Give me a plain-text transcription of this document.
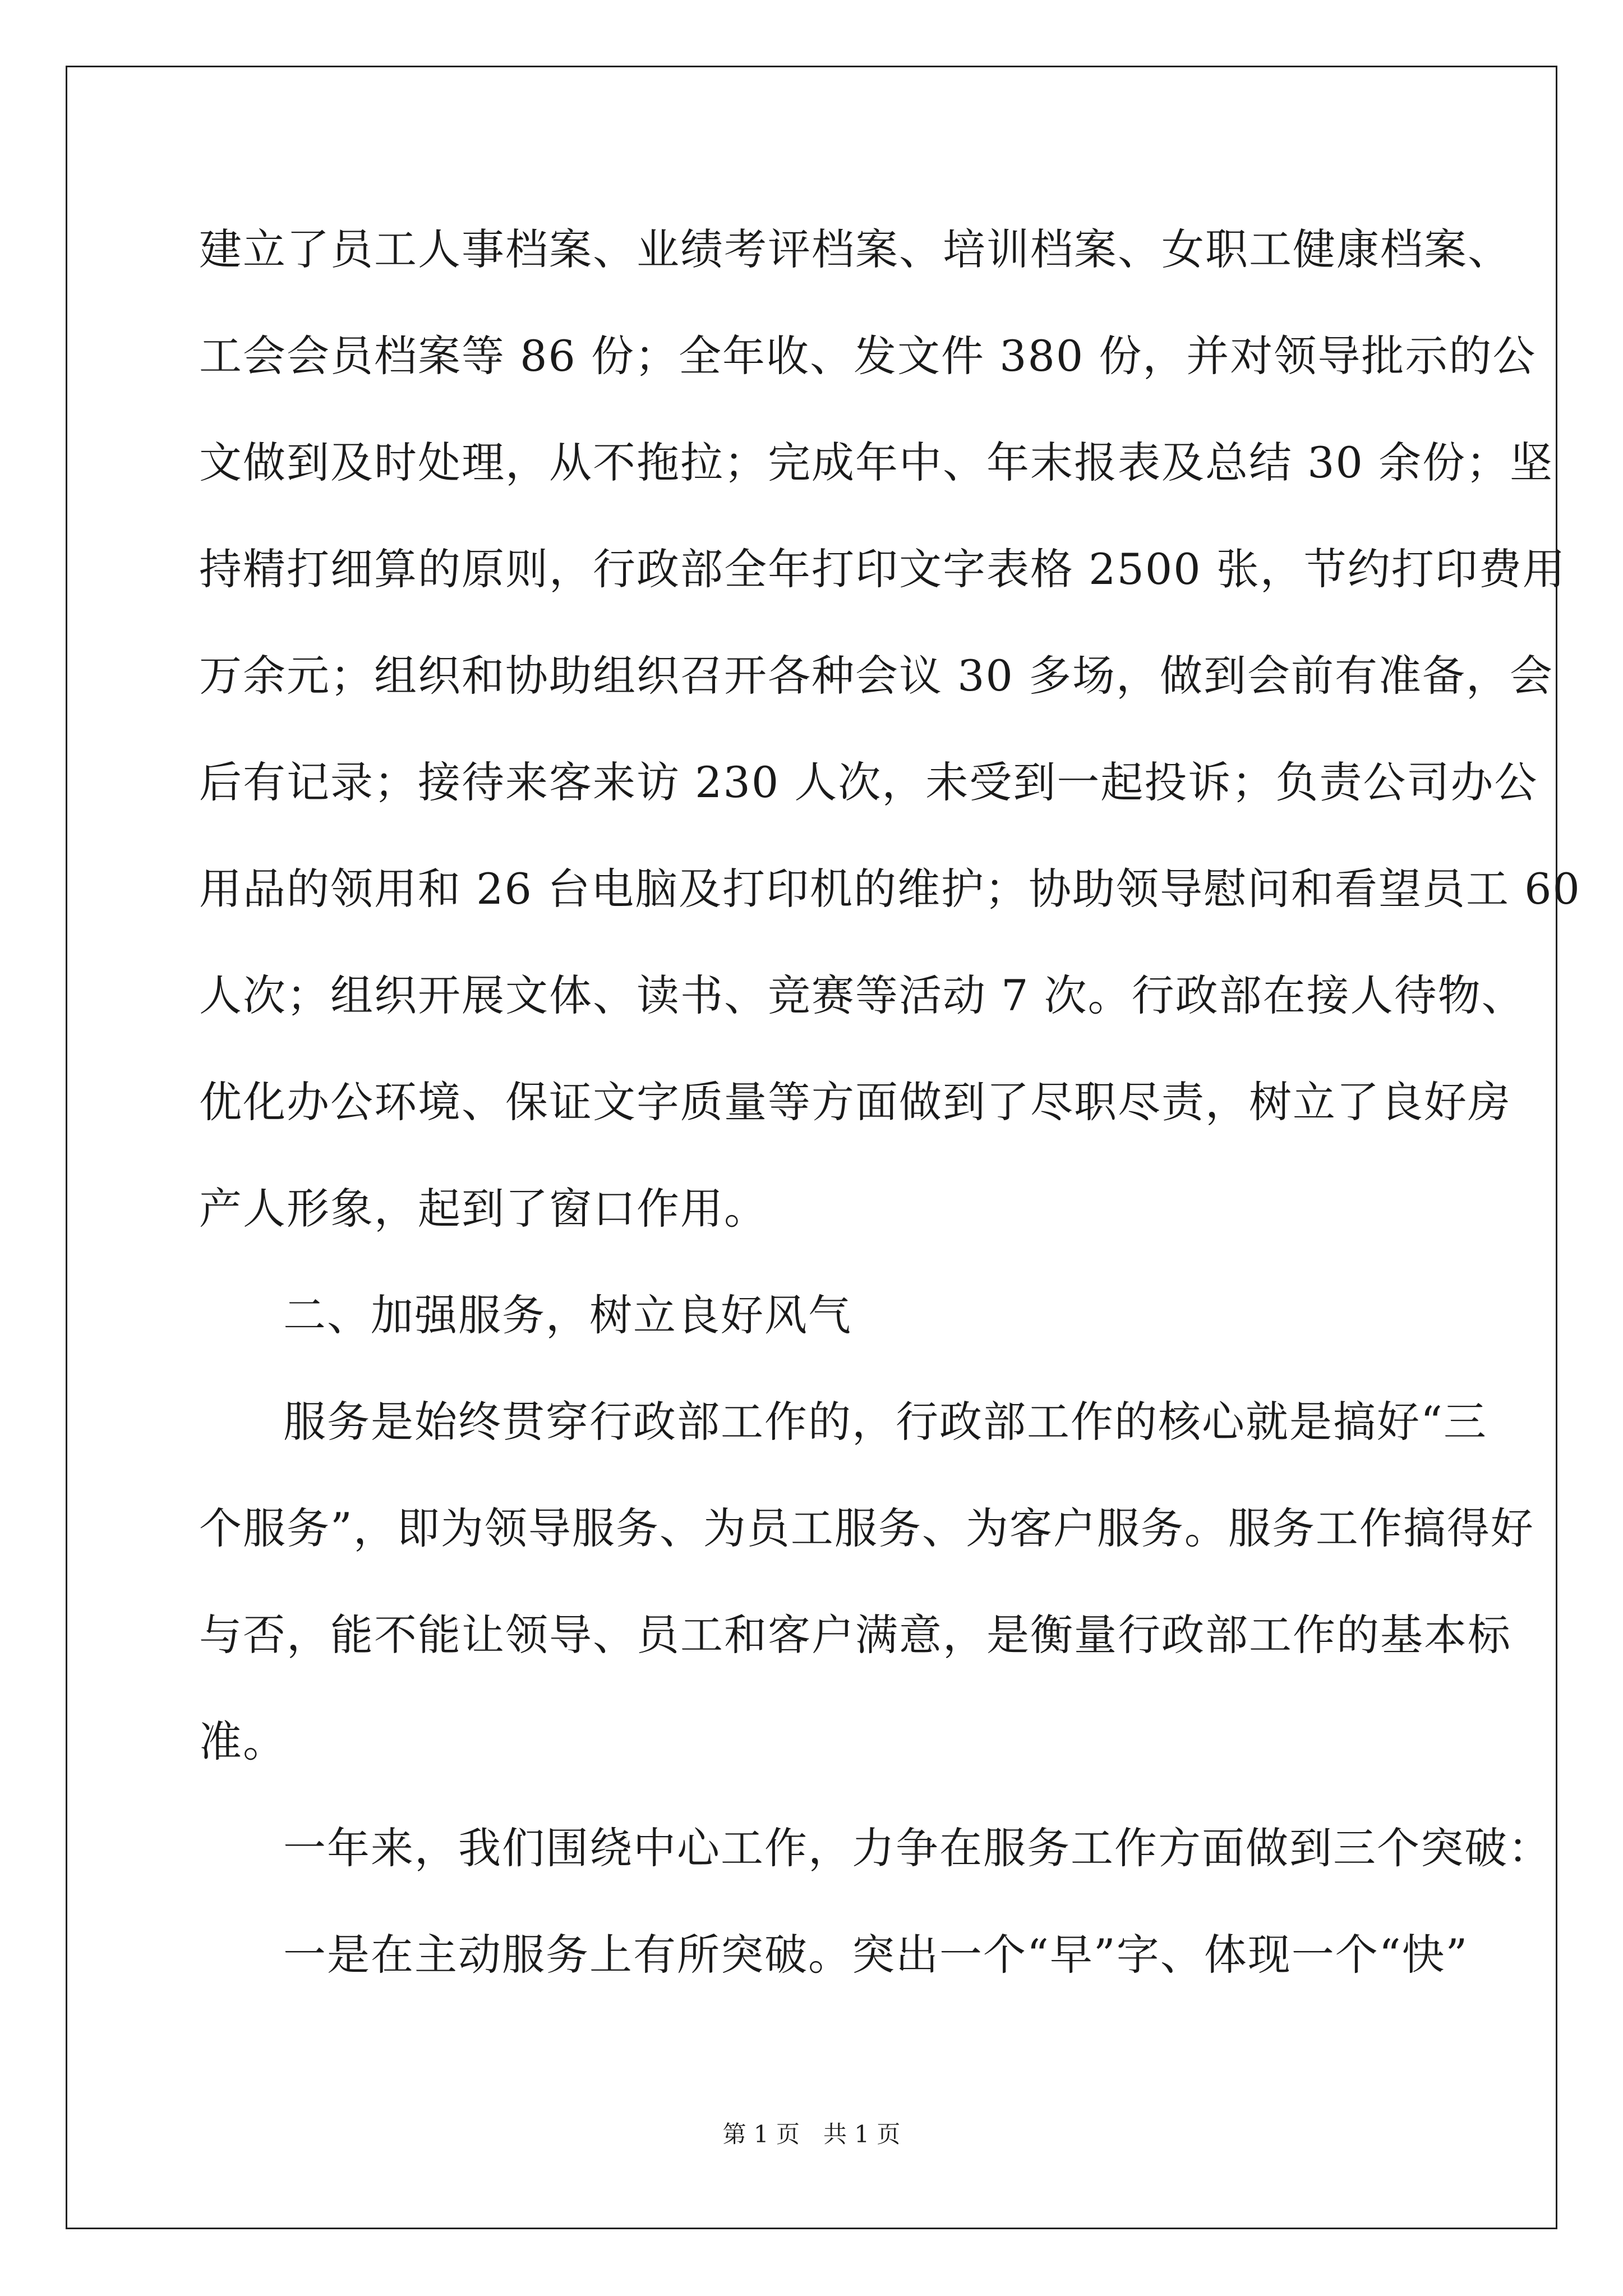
建立了员工人事档案、业绩考评档案、培训档案、女职工健康档案、
工会会员档案等 86 份；全年收、发文件 380 份，并对领导批示的公
文做到及时处理，从不拖拉；完成年中、年末报表及总结 30 余份；坚
持精打细算的原则，行政部全年打印文字表格 2500 张，节约打印费用
万余元；组织和协助组织召开各种会议 30 多场，做到会前有准备，会
后有记录；接待来客来访 230 人次，未受到一起投诉；负责公司办公
用品的领用和 26 台电脑及打印机的维护；协助领导慰问和看望员工 60
人次；组织开展文体、读书、竞赛等活动 7 次。行政部在接人待物、
优化办公环境、保证文字质量等方面做到了尽职尽责，树立了良好房
产人形象，起到了窗口作用。
二、加强服务，树立良好风气
服务是始终贯穿行政部工作的，行政部工作的核心就是搞好“三
个服务”，即为领导服务、为员工服务、为客户服务。服务工作搞得好
与否，能不能让领导、员工和客户满意，是衡量行政部工作的基本标
准。
一年来，我们围绕中心工作，力争在服务工作方面做到三个突破：
一是在主动服务上有所突破。突出一个“早”字、体现一个“快”
第 1 页　共 1 页
